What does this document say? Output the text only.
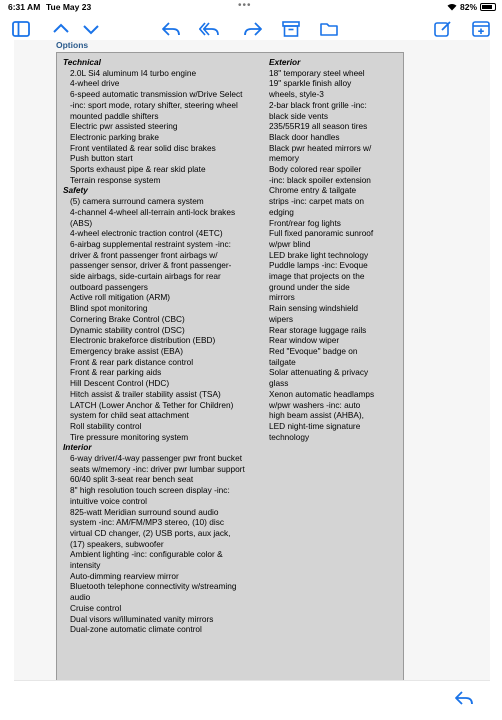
6:31 AM Tue May 23	•••	82%
Options
Technical
2.0L Si4 aluminum I4 turbo engine
4-wheel drive
6-speed automatic transmission w/Drive Select
-inc: sport mode, rotary shifter, steering wheel
mounted paddle shifters
Electric pwr assisted steering
Electronic parking brake
Front ventilated & rear solid disc brakes
Push button start
Sports exhaust pipe & rear skid plate
Terrain response system
Safety
(5) camera surround camera system
4-channel 4-wheel all-terrain anti-lock brakes
(ABS)
4-wheel electronic traction control (4ETC)
6-airbag supplemental restraint system -inc:
driver & front passenger front airbags w/
passenger sensor, driver & front passenger-
side airbags, side-curtain airbags for rear
outboard passengers
Active roll mitigation (ARM)
Blind spot monitoring
Cornering Brake Control (CBC)
Dynamic stability control (DSC)
Electronic brakeforce distribution (EBD)
Emergency brake assist (EBA)
Front & rear park distance control
Front & rear parking aids
Hill Descent Control (HDC)
Hitch assist & trailer stability assist (TSA)
LATCH (Lower Anchor & Tether for Children)
system for child seat attachment
Roll stability control
Tire pressure monitoring system
Interior
6-way driver/4-way passenger pwr front bucket
seats w/memory -inc: driver pwr lumbar support
60/40 split 3-seat rear bench seat
8" high resolution touch screen display -inc:
intuitive voice control
825-watt Meridian surround sound audio
system -inc: AM/FM/MP3 stereo, (10) disc
virtual CD changer, (2) USB ports, aux jack,
(17) speakers, subwoofer
Ambient lighting -inc: configurable color &
intensity
Auto-dimming rearview mirror
Bluetooth telephone connectivity w/streaming
audio
Cruise control
Dual visors w/illuminated vanity mirrors
Dual-zone automatic climate control
Exterior
18" temporary steel wheel
19" sparkle finish alloy
wheels, style-3
2-bar black front grille -inc:
black side vents
235/55R19 all season tires
Black door handles
Black pwr heated mirrors w/
memory
Body colored rear spoiler
-inc: black spoiler extension
Chrome entry & tailgate
strips -inc: carpet mats on
edging
Front/rear fog lights
Full fixed panoramic sunroof
w/pwr blind
LED brake light technology
Puddle lamps -inc: Evoque
image that projects on the
ground under the side
mirrors
Rain sensing windshield
wipers
Rear storage luggage rails
Rear window wiper
Red "Evoque" badge on
tailgate
Solar attenuating & privacy
glass
Xenon automatic headlamps
w/pwr washers -inc: auto
high beam assist (AHBA),
LED night-time signature
technology
